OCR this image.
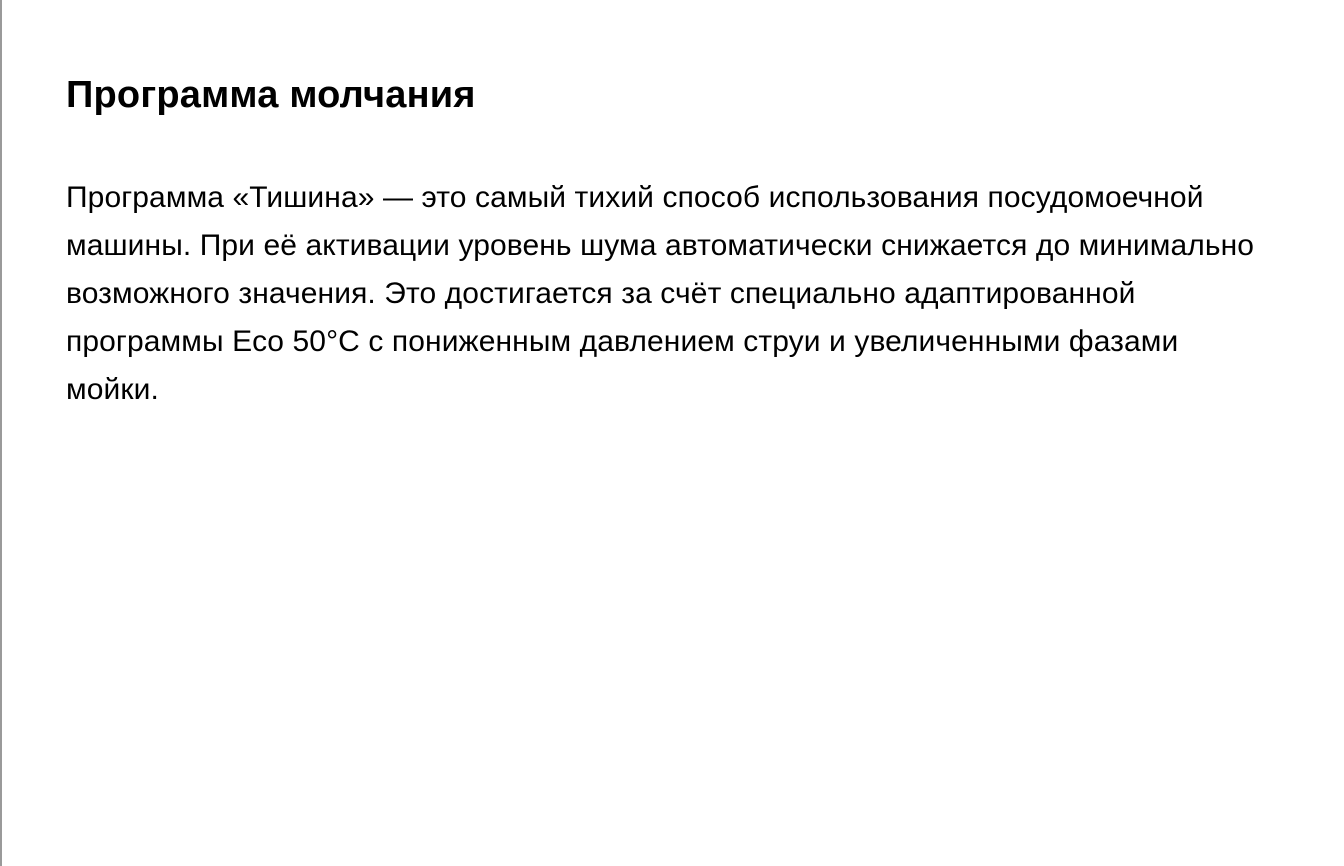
Программа молчания

Программа «Тишина» — это самый тихий способ использования посудомоечной машины. При её активации уровень шума автоматически снижается до минимально возможного значения. Это достигается за счёт специально адаптированной программы Eco 50°C с пониженным давлением струи и увеличенными фазами мойки.
